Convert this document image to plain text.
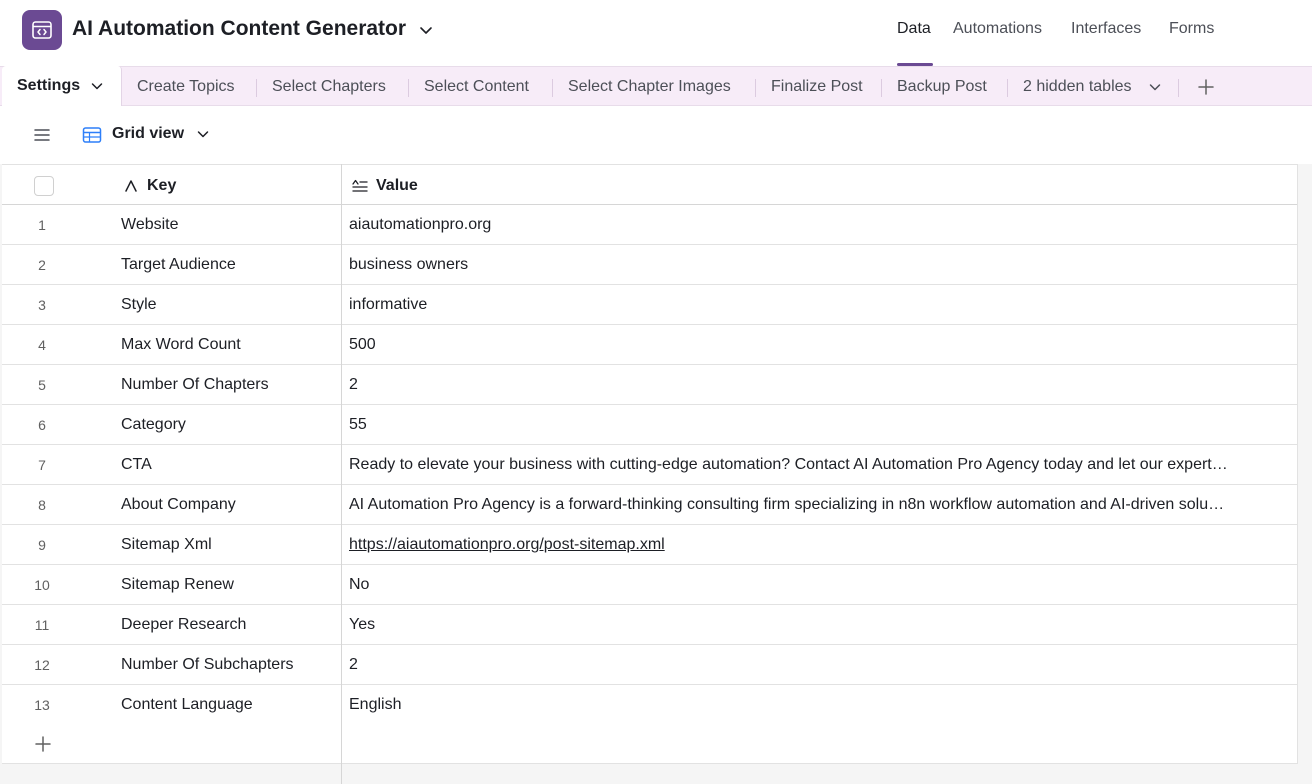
AI Automation Content Generator	Data Automations Interfaces Forms
Settings	Create Topics Select Chapters Select Content Select Chapter Images	Finalize Post Backup Post 2 hidden tables
Grid view
Key	Value
1	Website	aiautomationpro.org
2	Target Audience	business owners
3	Style	informative
4	Max Word Count	500
5	Number Of Chapters	2
6	Category	55
7	CTA	Ready to elevate your business with cutting-edge automation? Contact AI Automation Pro Agency today and let our expert…
8	About Company	AI Automation Pro Agency is a forward-thinking consulting firm specializing in n8n workflow automation and AI-driven solu…
9	Sitemap Xml	https://aiautomationpro.org/post-sitemap.xml
10	Sitemap Renew	No
11	Deeper Research	Yes
12	Number Of Subchapters	2
13	Content Language	English
